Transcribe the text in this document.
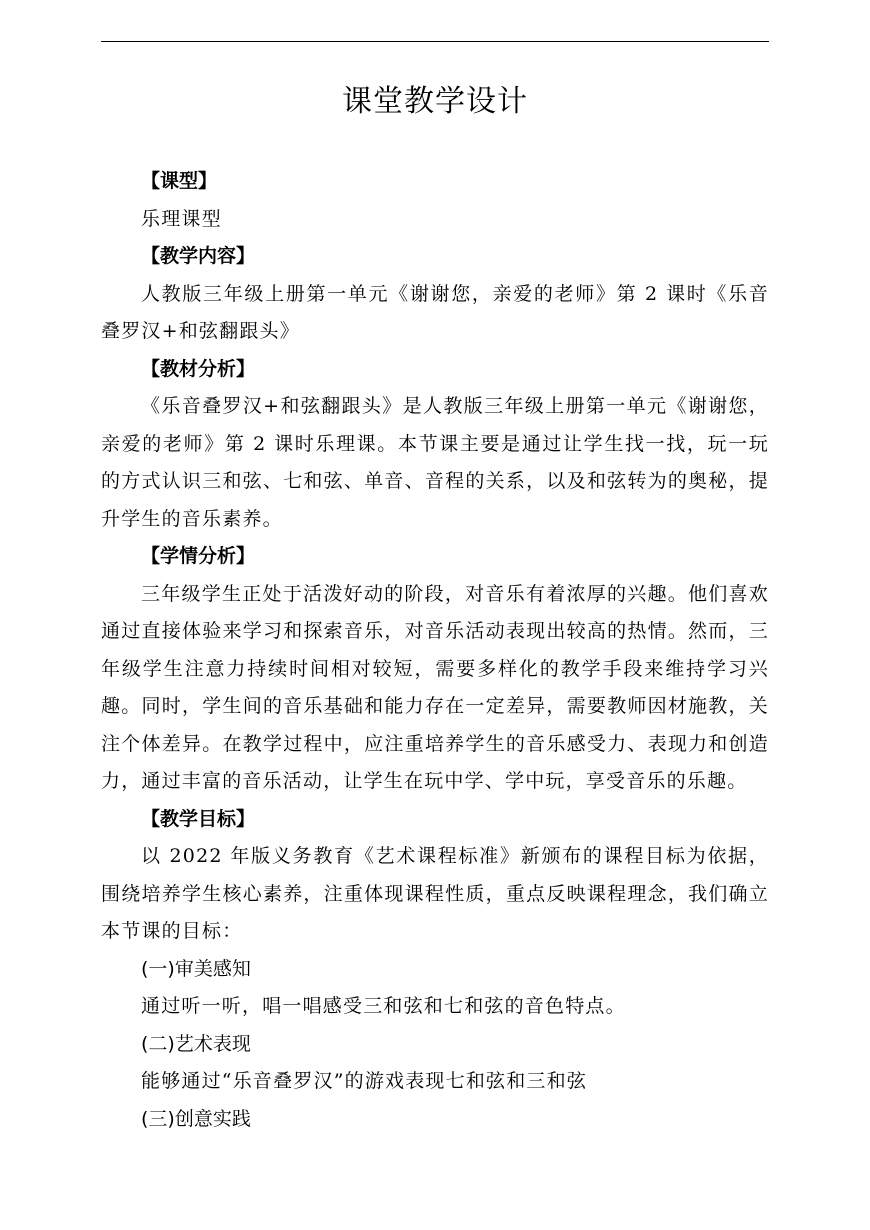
课堂教学设计

【课型】

乐理课型

【教学内容】

人教版三年级上册第一单元《谢谢您，亲爱的老师》第 2 课时《乐音叠罗汉+和弦翻跟头》

【教材分析】

《乐音叠罗汉+和弦翻跟头》是人教版三年级上册第一单元《谢谢您，亲爱的老师》第 2 课时乐理课。本节课主要是通过让学生找一找，玩一玩的方式认识三和弦、七和弦、单音、音程的关系，以及和弦转为的奥秘，提升学生的音乐素养。

【学情分析】

三年级学生正处于活泼好动的阶段，对音乐有着浓厚的兴趣。他们喜欢通过直接体验来学习和探索音乐，对音乐活动表现出较高的热情。然而，三年级学生注意力持续时间相对较短，需要多样化的教学手段来维持学习兴趣。同时，学生间的音乐基础和能力存在一定差异，需要教师因材施教，关注个体差异。在教学过程中，应注重培养学生的音乐感受力、表现力和创造力，通过丰富的音乐活动，让学生在玩中学、学中玩，享受音乐的乐趣。

【教学目标】

以 2022 年版义务教育《艺术课程标准》新颁布的课程目标为依据，围绕培养学生核心素养，注重体现课程性质，重点反映课程理念，我们确立本节课的目标：

(一)审美感知

通过听一听，唱一唱感受三和弦和七和弦的音色特点。

(二)艺术表现

能够通过“乐音叠罗汉”的游戏表现七和弦和三和弦

(三)创意实践
